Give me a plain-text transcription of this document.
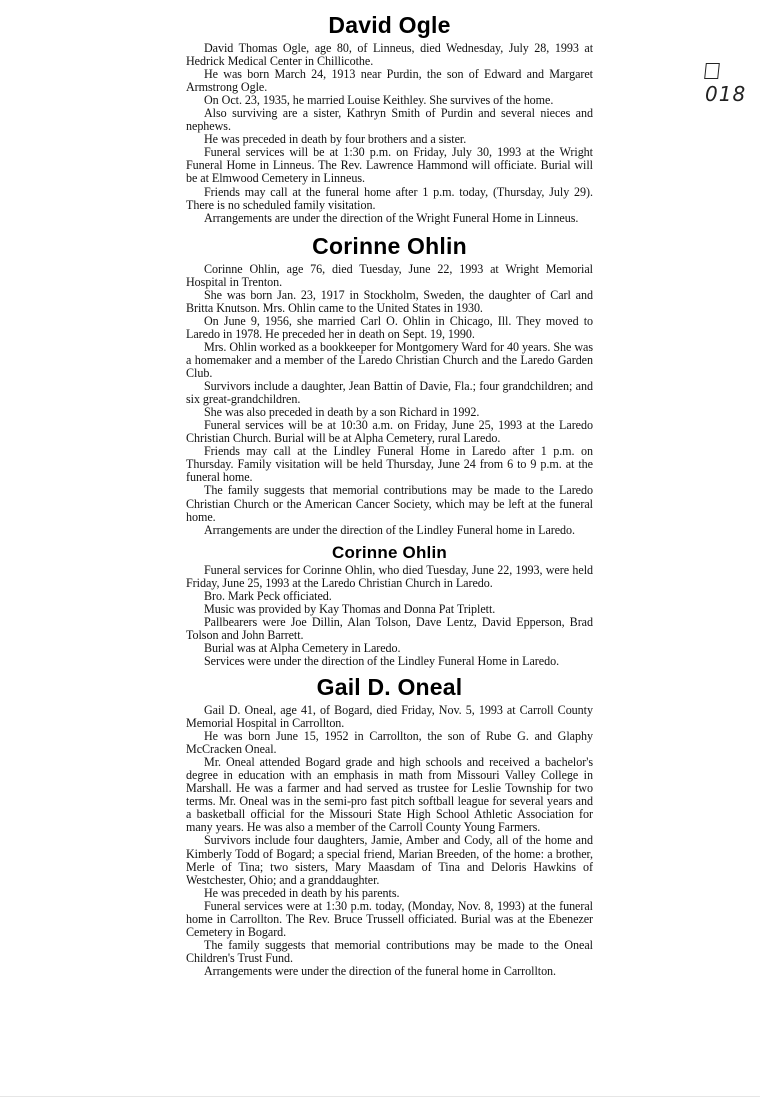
018
David Ogle

David Thomas Ogle, age 80, of Linneus, died Wednesday, July 28, 1993 at Hedrick Medical Center in Chillicothe.

He was born March 24, 1913 near Purdin, the son of Edward and Margaret Armstrong Ogle.

On Oct. 23, 1935, he married Louise Keithley. She survives of the home.

Also surviving are a sister, Kathryn Smith of Purdin and several nieces and nephews.

He was preceded in death by four brothers and a sister.

Funeral services will be at 1:30 p.m. on Friday, July 30, 1993 at the Wright Funeral Home in Linneus. The Rev. Lawrence Hammond will officiate. Burial will be at Elmwood Cemetery in Linneus.

Friends may call at the funeral home after 1 p.m. today, (Thursday, July 29). There is no scheduled family visitation.

Arrangements are under the direction of the Wright Funeral Home in Linneus.

Corinne Ohlin

Corinne Ohlin, age 76, died Tuesday, June 22, 1993 at Wright Memorial Hospital in Trenton.

She was born Jan. 23, 1917 in Stockholm, Sweden, the daughter of Carl and Britta Knutson. Mrs. Ohlin came to the United States in 1930.

On June 9, 1956, she married Carl O. Ohlin in Chicago, Ill. They moved to Laredo in 1978. He preceded her in death on Sept. 19, 1990.

Mrs. Ohlin worked as a bookkeeper for Montgomery Ward for 40 years. She was a homemaker and a member of the Laredo Christian Church and the Laredo Garden Club.

Survivors include a daughter, Jean Battin of Davie, Fla.; four grandchildren; and six great-grandchildren.

She was also preceded in death by a son Richard in 1992.

Funeral services will be at 10:30 a.m. on Friday, June 25, 1993 at the Laredo Christian Church. Burial will be at Alpha Cemetery, rural Laredo.

Friends may call at the Lindley Funeral Home in Laredo after 1 p.m. on Thursday. Family visitation will be held Thursday, June 24 from 6 to 9 p.m. at the funeral home.

The family suggests that memorial contributions may be made to the Laredo Christian Church or the American Cancer Society, which may be left at the funeral home.

Arrangements are under the direction of the Lindley Funeral home in Laredo.

Corinne Ohlin

Funeral services for Corinne Ohlin, who died Tuesday, June 22, 1993, were held Friday, June 25, 1993 at the Laredo Christian Church in Laredo.

Bro. Mark Peck officiated.

Music was provided by Kay Thomas and Donna Pat Triplett.

Pallbearers were Joe Dillin, Alan Tolson, Dave Lentz, David Epperson, Brad Tolson and John Barrett.

Burial was at Alpha Cemetery in Laredo.

Services were under the direction of the Lindley Funeral Home in Laredo.

Gail D. Oneal

Gail D. Oneal, age 41, of Bogard, died Friday, Nov. 5, 1993 at Carroll County Memorial Hospital in Carrollton.

He was born June 15, 1952 in Carrollton, the son of Rube G. and Glaphy McCracken Oneal.

Mr. Oneal attended Bogard grade and high schools and received a bachelor's degree in education with an emphasis in math from Missouri Valley College in Marshall. He was a farmer and had served as trustee for Leslie Township for two terms. Mr. Oneal was in the semi-pro fast pitch softball league for several years and a basketball official for the Missouri State High School Athletic Association for many years. He was also a member of the Carroll County Young Farmers.

Survivors include four daughters, Jamie, Amber and Cody, all of the home and Kimberly Todd of Bogard; a special friend, Marian Breeden, of the home: a brother, Merle of Tina; two sisters, Mary Maasdam of Tina and Deloris Hawkins of Westchester, Ohio; and a granddaughter.

He was preceded in death by his parents.

Funeral services were at 1:30 p.m. today, (Monday, Nov. 8, 1993) at the funeral home in Carrollton. The Rev. Bruce Trussell officiated. Burial was at the Ebenezer Cemetery in Bogard.

The family suggests that memorial contributions may be made to the Oneal Children's Trust Fund.

Arrangements were under the direction of the funeral home in Carrollton.
